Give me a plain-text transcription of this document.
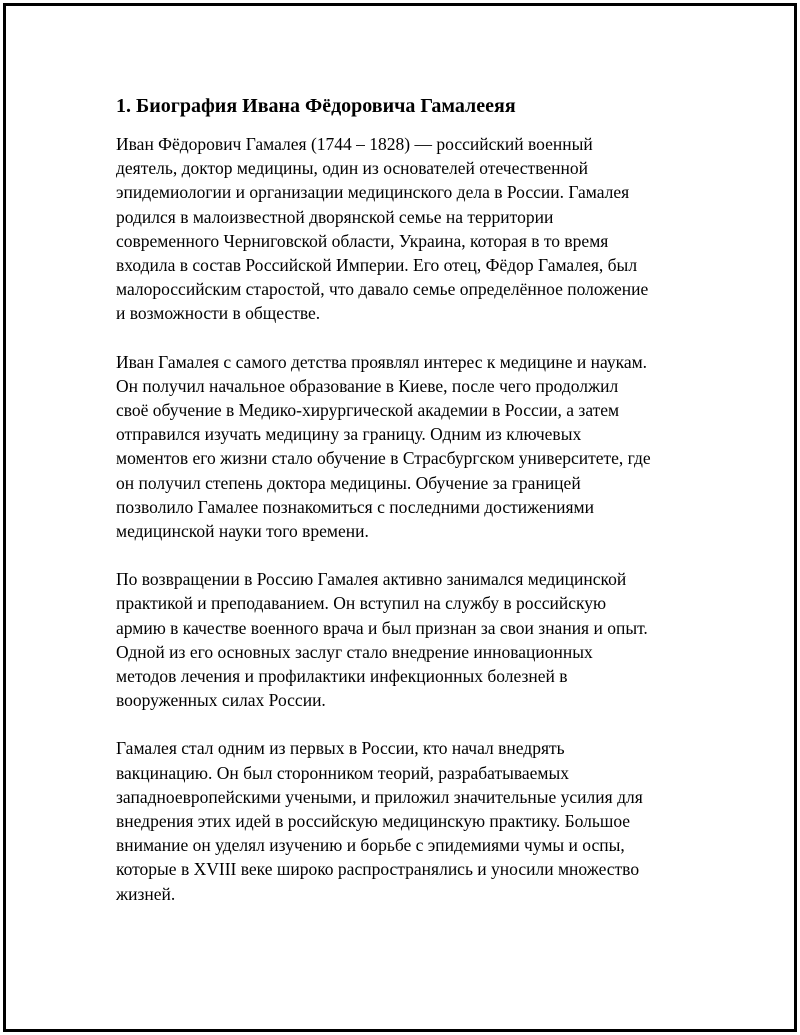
1. Биография Ивана Фёдоровича Гамалееяя
Иван Фёдорович Гамалея (1744 – 1828) — российский военный
деятель, доктор медицины, один из основателей отечественной
эпидемиологии и организации медицинского дела в России. Гамалея
родился в малоизвестной дворянской семье на территории
современного Черниговской области, Украина, которая в то время
входила в состав Российской Империи. Его отец, Фёдор Гамалея, был
малороссийским старостой, что давало семье определённое положение
и возможности в обществе.
Иван Гамалея с самого детства проявлял интерес к медицине и наукам.
Он получил начальное образование в Киеве, после чего продолжил
своё обучение в Медико-хирургической академии в России, а затем
отправился изучать медицину за границу. Одним из ключевых
моментов его жизни стало обучение в Страсбургском университете, где
он получил степень доктора медицины. Обучение за границей
позволило Гамалее познакомиться с последними достижениями
медицинской науки того времени.
По возвращении в Россию Гамалея активно занимался медицинской
практикой и преподаванием. Он вступил на службу в российскую
армию в качестве военного врача и был признан за свои знания и опыт.
Одной из его основных заслуг стало внедрение инновационных
методов лечения и профилактики инфекционных болезней в
вооруженных силах России.
Гамалея стал одним из первых в России, кто начал внедрять
вакцинацию. Он был сторонником теорий, разрабатываемых
западноевропейскими учеными, и приложил значительные усилия для
внедрения этих идей в российскую медицинскую практику. Большое
внимание он уделял изучению и борьбе с эпидемиями чумы и оспы,
которые в XVIII веке широко распространялись и уносили множество
жизней.
